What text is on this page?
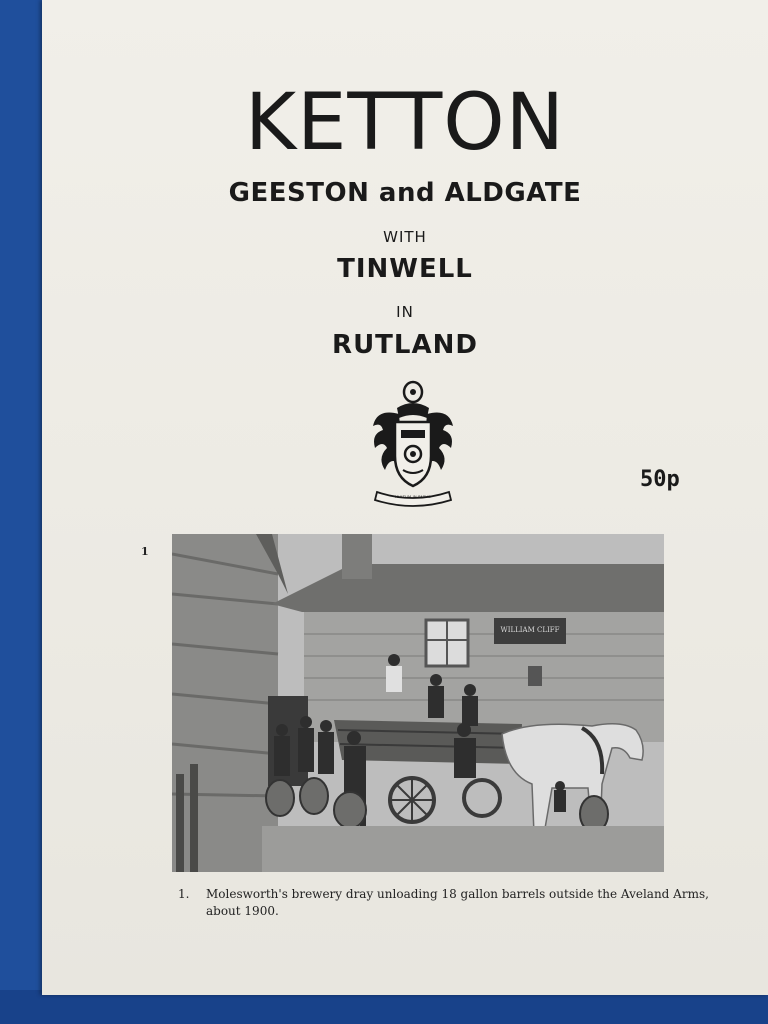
KETTON
GEESTON and ALDGATE
WITH
TINWELL
IN
RUTLAND
MULTUM IN PARVO
50p
1
WILLIAM CLIFF
1. Molesworth's brewery dray unloading 18 gallon barrels outside the Aveland Arms, about 1900.
